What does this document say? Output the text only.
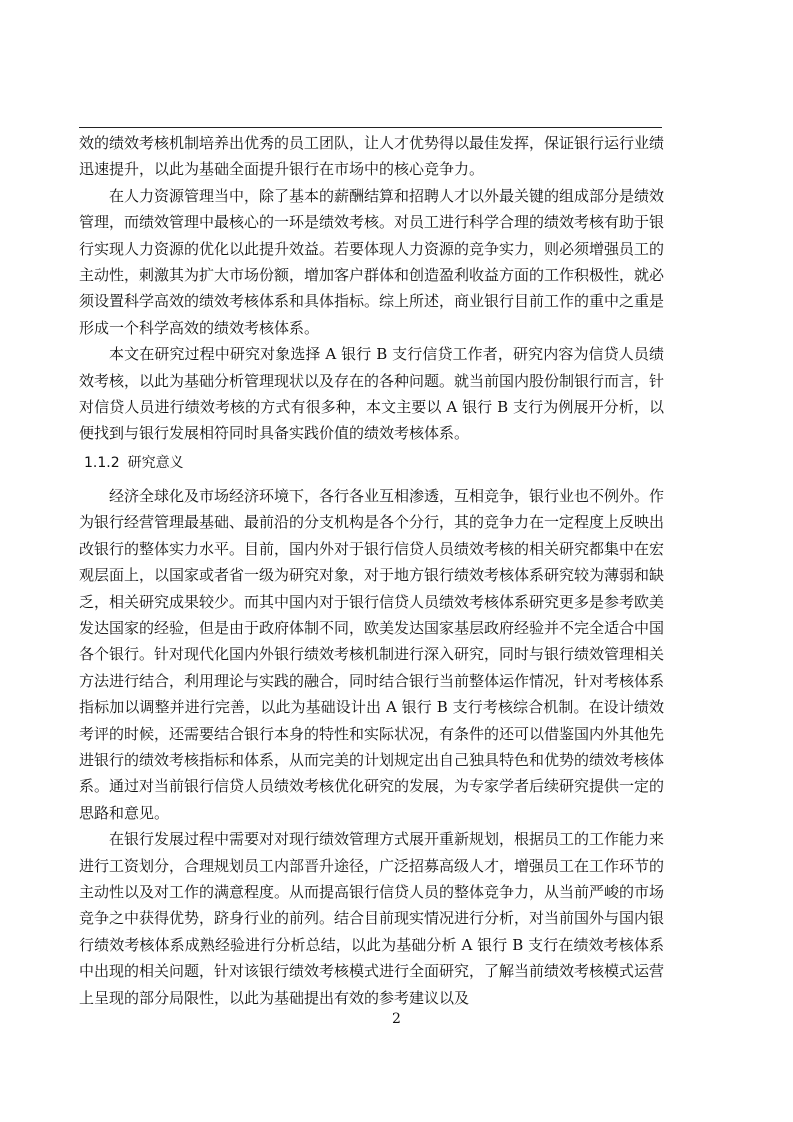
效的绩效考核机制培养出优秀的员工团队，让人才优势得以最佳发挥，保证银行运行业绩迅速提升，以此为基础全面提升银行在市场中的核心竞争力。

在人力资源管理当中，除了基本的薪酬结算和招聘人才以外最关键的组成部分是绩效管理，而绩效管理中最核心的一环是绩效考核。对员工进行科学合理的绩效考核有助于银行实现人力资源的优化以此提升效益。若要体现人力资源的竞争实力，则必须增强员工的主动性，刺激其为扩大市场份额，增加客户群体和创造盈利收益方面的工作积极性，就必须设置科学高效的绩效考核体系和具体指标。综上所述，商业银行目前工作的重中之重是形成一个科学高效的绩效考核体系。

本文在研究过程中研究对象选择 A 银行 B 支行信贷工作者，研究内容为信贷人员绩效考核，以此为基础分析管理现状以及存在的各种问题。就当前国内股份制银行而言，针对信贷人员进行绩效考核的方式有很多种，本文主要以 A 银行 B 支行为例展开分析，以便找到与银行发展相符同时具备实践价值的绩效考核体系。

1.1.2 研究意义

经济全球化及市场经济环境下，各行各业互相渗透，互相竞争，银行业也不例外。作为银行经营管理最基础、最前沿的分支机构是各个分行，其的竞争力在一定程度上反映出改银行的整体实力水平。目前，国内外对于银行信贷人员绩效考核的相关研究都集中在宏观层面上，以国家或者省一级为研究对象，对于地方银行绩效考核体系研究较为薄弱和缺乏，相关研究成果较少。而其中国内对于银行信贷人员绩效考核体系研究更多是参考欧美发达国家的经验，但是由于政府体制不同，欧美发达国家基层政府经验并不完全适合中国各个银行。针对现代化国内外银行绩效考核机制进行深入研究，同时与银行绩效管理相关方法进行结合，利用理论与实践的融合，同时结合银行当前整体运作情况，针对考核体系指标加以调整并进行完善，以此为基础设计出 A 银行 B 支行考核综合机制。在设计绩效考评的时候，还需要结合银行本身的特性和实际状况，有条件的还可以借鉴国内外其他先进银行的绩效考核指标和体系，从而完美的计划规定出自己独具特色和优势的绩效考核体系。通过对当前银行信贷人员绩效考核优化研究的发展，为专家学者后续研究提供一定的思路和意见。

在银行发展过程中需要对对现行绩效管理方式展开重新规划，根据员工的工作能力来进行工资划分，合理规划员工内部晋升途径，广泛招募高级人才，增强员工在工作环节的主动性以及对工作的满意程度。从而提高银行信贷人员的整体竞争力，从当前严峻的市场竞争之中获得优势，跻身行业的前列。结合目前现实情况进行分析，对当前国外与国内银行绩效考核体系成熟经验进行分析总结，以此为基础分析 A 银行 B 支行在绩效考核体系中出现的相关问题，针对该银行绩效考核模式进行全面研究，了解当前绩效考核模式运营上呈现的部分局限性，以此为基础提出有效的参考建议以及

2
